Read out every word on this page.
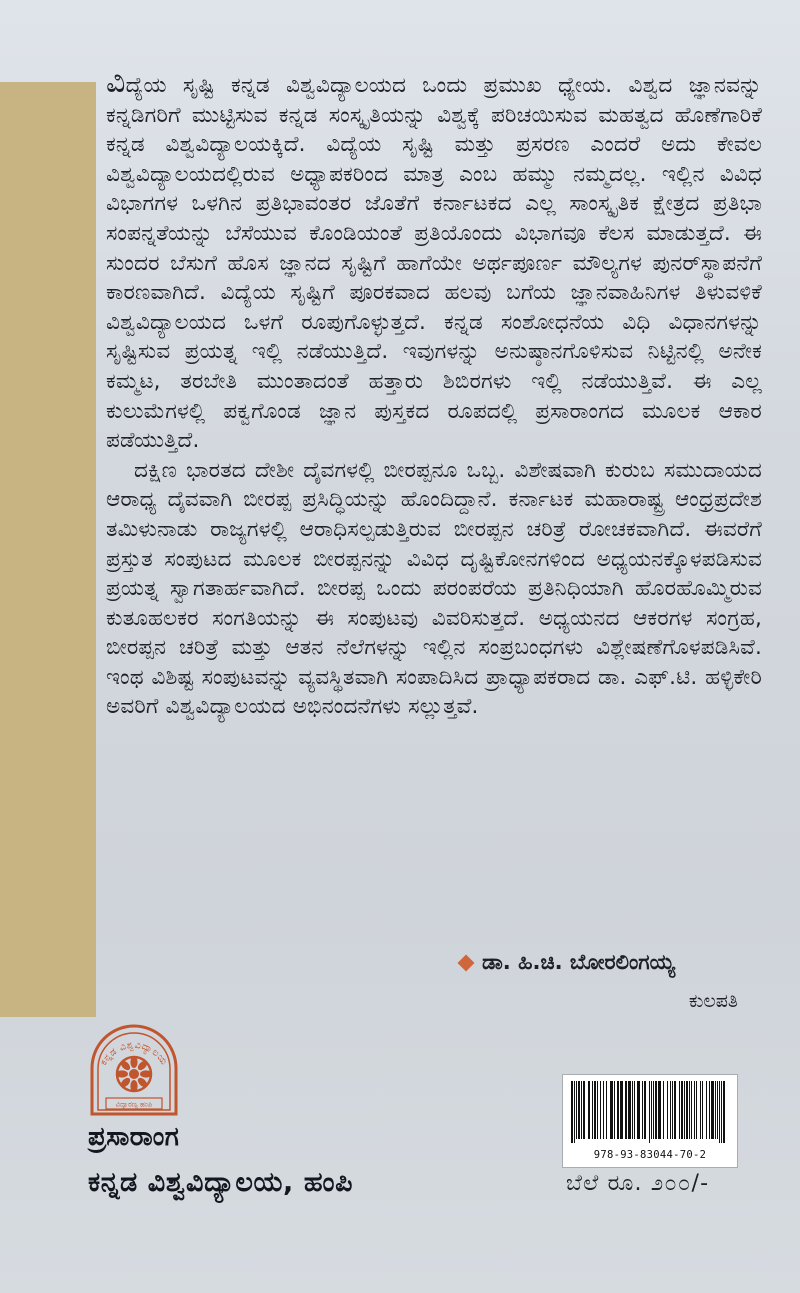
ವಿದ್ಯೆಯ ಸೃಷ್ಟಿ ಕನ್ನಡ ವಿಶ್ವವಿದ್ಯಾಲಯದ ಒಂದು ಪ್ರಮುಖ ಧ್ಯೇಯ. ವಿಶ್ವದ ಜ್ಞಾನವನ್ನು ಕನ್ನಡಿಗರಿಗೆ ಮುಟ್ಟಿಸುವ ಕನ್ನಡ ಸಂಸ್ಕೃತಿಯನ್ನು ವಿಶ್ವಕ್ಕೆ ಪರಿಚಯಿಸುವ ಮಹತ್ವದ ಹೊಣೆಗಾರಿಕೆ ಕನ್ನಡ ವಿಶ್ವವಿದ್ಯಾಲಯಕ್ಕಿದೆ. ವಿದ್ಯೆಯ ಸೃಷ್ಟಿ ಮತ್ತು ಪ್ರಸರಣ ಎಂದರೆ ಅದು ಕೇವಲ ವಿಶ್ವವಿದ್ಯಾಲಯದಲ್ಲಿರುವ ಅಧ್ಯಾಪಕರಿಂದ ಮಾತ್ರ ಎಂಬ ಹಮ್ಮು ನಮ್ಮದಲ್ಲ. ಇಲ್ಲಿನ ವಿವಿಧ ವಿಭಾಗಗಳ ಒಳಗಿನ ಪ್ರತಿಭಾವಂತರ ಜೊತೆಗೆ ಕರ್ನಾಟಕದ ಎಲ್ಲ ಸಾಂಸ್ಕೃತಿಕ ಕ್ಷೇತ್ರದ ಪ್ರತಿಭಾ ಸಂಪನ್ನತೆಯನ್ನು ಬೆಸೆಯುವ ಕೊಂಡಿಯಂತೆ ಪ್ರತಿಯೊಂದು ವಿಭಾಗವೂ ಕೆಲಸ ಮಾಡುತ್ತದೆ. ಈ ಸುಂದರ ಬೆಸುಗೆ ಹೊಸ ಜ್ಞಾನದ ಸೃಷ್ಟಿಗೆ ಹಾಗೆಯೇ ಅರ್ಥಪೂರ್ಣ ಮೌಲ್ಯಗಳ ಪುನರ್‌ಸ್ಥಾಪನೆಗೆ ಕಾರಣವಾಗಿದೆ. ವಿದ್ಯೆಯ ಸೃಷ್ಟಿಗೆ ಪೂರಕವಾದ ಹಲವು ಬಗೆಯ ಜ್ಞಾನವಾಹಿನಿಗಳ ತಿಳುವಳಿಕೆ ವಿಶ್ವವಿದ್ಯಾಲಯದ ಒಳಗೆ ರೂಪುಗೊಳ್ಳುತ್ತದೆ. ಕನ್ನಡ ಸಂಶೋಧನೆಯ ವಿಧಿ ವಿಧಾನಗಳನ್ನು ಸೃಷ್ಟಿಸುವ ಪ್ರಯತ್ನ ಇಲ್ಲಿ ನಡೆಯುತ್ತಿದೆ. ಇವುಗಳನ್ನು ಅನುಷ್ಠಾನಗೊಳಿಸುವ ನಿಟ್ಟಿನಲ್ಲಿ ಅನೇಕ ಕಮ್ಮಟ, ತರಬೇತಿ ಮುಂತಾದಂತೆ ಹತ್ತಾರು ಶಿಬಿರಗಳು ಇಲ್ಲಿ ನಡೆಯುತ್ತಿವೆ. ಈ ಎಲ್ಲ ಕುಲುಮೆಗಳಲ್ಲಿ ಪಕ್ವಗೊಂಡ ಜ್ಞಾನ ಪುಸ್ತಕದ ರೂಪದಲ್ಲಿ ಪ್ರಸಾರಾಂಗದ ಮೂಲಕ ಆಕಾರ ಪಡೆಯುತ್ತಿದೆ.

ದಕ್ಷಿಣ ಭಾರತದ ದೇಶೀ ದೈವಗಳಲ್ಲಿ ಬೀರಪ್ಪನೂ ಒಬ್ಬ. ವಿಶೇಷವಾಗಿ ಕುರುಬ ಸಮುದಾಯದ ಆರಾಧ್ಯ ದೈವವಾಗಿ ಬೀರಪ್ಪ ಪ್ರಸಿದ್ಧಿಯನ್ನು ಹೊಂದಿದ್ದಾನೆ. ಕರ್ನಾಟಕ ಮಹಾರಾಷ್ಟ್ರ ಆಂಧ್ರಪ್ರದೇಶ ತಮಿಳುನಾಡು ರಾಜ್ಯಗಳಲ್ಲಿ ಆರಾಧಿಸಲ್ಪಡುತ್ತಿರುವ ಬೀರಪ್ಪನ ಚರಿತ್ರೆ ರೋಚಕವಾಗಿದೆ. ಈವರೆಗೆ ಪ್ರಸ್ತುತ ಸಂಪುಟದ ಮೂಲಕ ಬೀರಪ್ಪನನ್ನು ವಿವಿಧ ದೃಷ್ಟಿಕೋನಗಳಿಂದ ಅಧ್ಯಯನಕ್ಕೊಳಪಡಿಸುವ ಪ್ರಯತ್ನ ಸ್ವಾಗತಾರ್ಹವಾಗಿದೆ. ಬೀರಪ್ಪ ಒಂದು ಪರಂಪರೆಯ ಪ್ರತಿನಿಧಿಯಾಗಿ ಹೊರಹೊಮ್ಮಿರುವ ಕುತೂಹಲಕರ ಸಂಗತಿಯನ್ನು ಈ ಸಂಪುಟವು ವಿವರಿಸುತ್ತದೆ. ಅಧ್ಯಯನದ ಆಕರಗಳ ಸಂಗ್ರಹ, ಬೀರಪ್ಪನ ಚರಿತ್ರೆ ಮತ್ತು ಆತನ ನೆಲೆಗಳನ್ನು ಇಲ್ಲಿನ ಸಂಪ್ರಬಂಧಗಳು ವಿಶ್ಲೇಷಣೆಗೊಳಪಡಿಸಿವೆ. ಇಂಥ ವಿಶಿಷ್ಟ ಸಂಪುಟವನ್ನು ವ್ಯವಸ್ಥಿತವಾಗಿ ಸಂಪಾದಿಸಿದ ಪ್ರಾಧ್ಯಾಪಕರಾದ ಡಾ. ಎಫ್.ಟಿ. ಹಳ್ಳಿಕೇರಿ ಅವರಿಗೆ ವಿಶ್ವವಿದ್ಯಾಲಯದ ಅಭಿನಂದನೆಗಳು ಸಲ್ಲುತ್ತವೆ.

ಡಾ. ಹಿ.ಚಿ. ಬೋರಲಿಂಗಯ್ಯ
ಕುಲಪತಿ
ಕನ್ನಡ ವಿಶ್ವವಿದ್ಯಾಲಯ
ವಿದ್ಯಾರಣ್ಯ ಹಂಪಿ
ಪ್ರಸಾರಾಂಗ
ಕನ್ನಡ ವಿಶ್ವವಿದ್ಯಾಲಯ, ಹಂಪಿ
978-93-83044-70-2
ಬೆಲೆ ರೂ. ೨೦೦/-
